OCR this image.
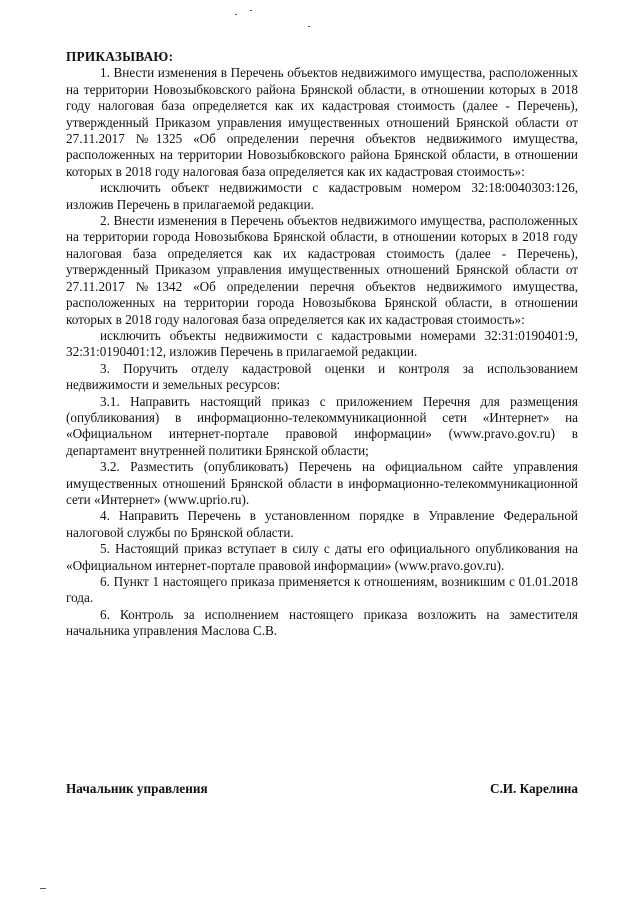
ПРИКАЗЫВАЮ:

1. Внести изменения в Перечень объектов недвижимого имущества, расположенных на территории Новозыбковского района Брянской области, в отношении которых в 2018 году налоговая база определяется как их кадастровая стоимость (далее - Перечень), утвержденный Приказом управления имущественных отношений Брянской области от 27.11.2017 №1325 «Об определении перечня объектов недвижимого имущества, расположенных на территории Новозыбковского района Брянской области, в отношении которых в 2018 году налоговая база определяется как их кадастровая стоимость»:

исключить объект недвижимости с кадастровым номером 32:18:0040303:126, изложив Перечень в прилагаемой редакции.

2. Внести изменения в Перечень объектов недвижимого имущества, расположенных на территории города Новозыбкова Брянской области, в отношении которых в 2018 году налоговая база определяется как их кадастровая стоимость (далее - Перечень), утвержденный Приказом управления имущественных отношений Брянской области от 27.11.2017 №1342 «Об определении перечня объектов недвижимого имущества, расположенных на территории города Новозыбкова Брянской области, в отношении которых в 2018 году налоговая база определяется как их кадастровая стоимость»:

исключить объекты недвижимости с кадастровыми номерами 32:31:0190401:9, 32:31:0190401:12, изложив Перечень в прилагаемой редакции.

3. Поручить отделу кадастровой оценки и контроля за использованием недвижимости и земельных ресурсов:

3.1. Направить настоящий приказ с приложением Перечня для размещения (опубликования) в информационно-телекоммуникационной сети «Интернет» на «Официальном интернет-портале правовой информации» (www.pravo.gov.ru) в департамент внутренней политики Брянской области;

3.2. Разместить (опубликовать) Перечень на официальном сайте управления имущественных отношений Брянской области в информационно-телекоммуникационной сети «Интернет» (www.uprio.ru).

4. Направить Перечень в установленном порядке в Управление Федеральной налоговой службы по Брянской области.

5. Настоящий приказ вступает в силу с даты его официального опубликования на «Официальном интернет-портале правовой информации» (www.pravo.gov.ru).

6. Пункт 1 настоящего приказа применяется к отношениям, возникшим с 01.01.2018 года.

6. Контроль за исполнением настоящего приказа возложить на заместителя начальника управления Маслова С.В.

Начальник управления	С.И. Карелина
